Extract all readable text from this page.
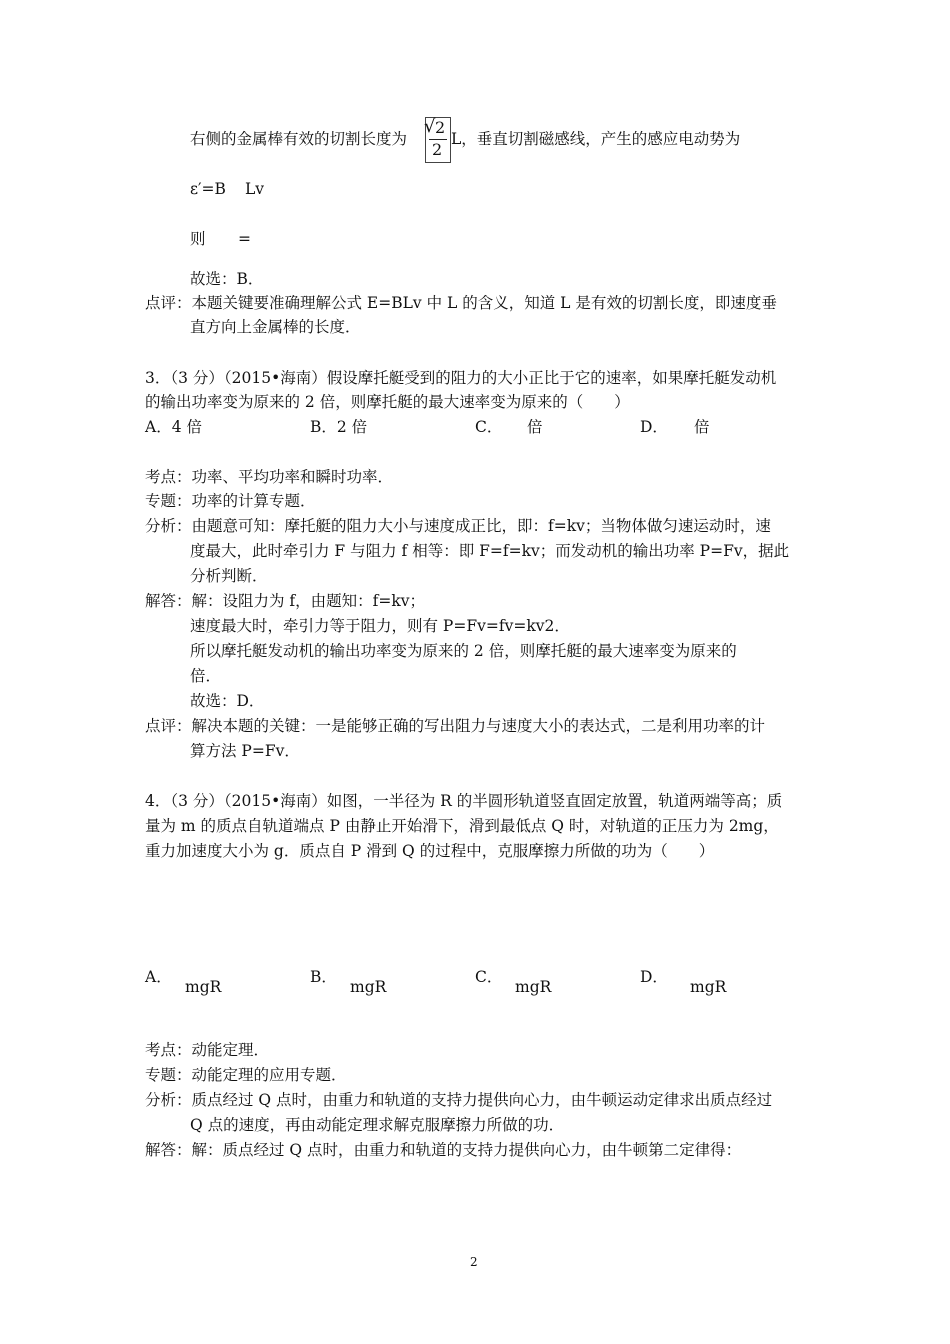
右侧的金属棒有效的切割长度为
√ 2
2
L，垂直切割磁感线，产生的感应电动势为
ε′=B Lv
则 =
故选：B．
点评：本题关键要准确理解公式 E=BLv 中 L 的含义，知道 L 是有效的切割长度，即速度垂
直方向上金属棒的长度．
3．（3 分）（2015•海南）假设摩托艇受到的阻力的大小正比于它的速率，如果摩托艇发动机
的输出功率变为原来的 2 倍，则摩托艇的最大速率变为原来的（　　）
A．4 倍	B．2 倍	C． 倍	D． 倍
考点：功率、平均功率和瞬时功率．
专题：功率的计算专题．
分析：由题意可知：摩托艇的阻力大小与速度成正比，即：f=kv；当物体做匀速运动时，速
度最大，此时牵引力 F 与阻力 f 相等：即 F=f=kv；而发动机的输出功率 P=Fv，据此
分析判断．
解答：解：设阻力为 f，由题知：f=kv；
速度最大时，牵引力等于阻力，则有 P=Fv=fv=kv2．
所以摩托艇发动机的输出功率变为原来的 2 倍，则摩托艇的最大速率变为原来的
倍．
故选：D．
点评：解决本题的关键：一是能够正确的写出阻力与速度大小的表达式，二是利用功率的计
算方法 P=Fv．
4．（3 分）（2015•海南）如图，一半径为 R 的半圆形轨道竖直固定放置，轨道两端等高；质
量为 m 的质点自轨道端点 P 由静止开始滑下，滑到最低点 Q 时，对轨道的正压力为 2mg，
重力加速度大小为 g．质点自 P 滑到 Q 的过程中，克服摩擦力所做的功为（　　）
A．
mgR
B．
mgR
C．
mgR
D．
mgR
考点：动能定理．
专题：动能定理的应用专题．
分析：质点经过 Q 点时，由重力和轨道的支持力提供向心力，由牛顿运动定律求出质点经过
Q 点的速度，再由动能定理求解克服摩擦力所做的功．
解答：解：质点经过 Q 点时，由重力和轨道的支持力提供向心力，由牛顿第二定律得：
2
